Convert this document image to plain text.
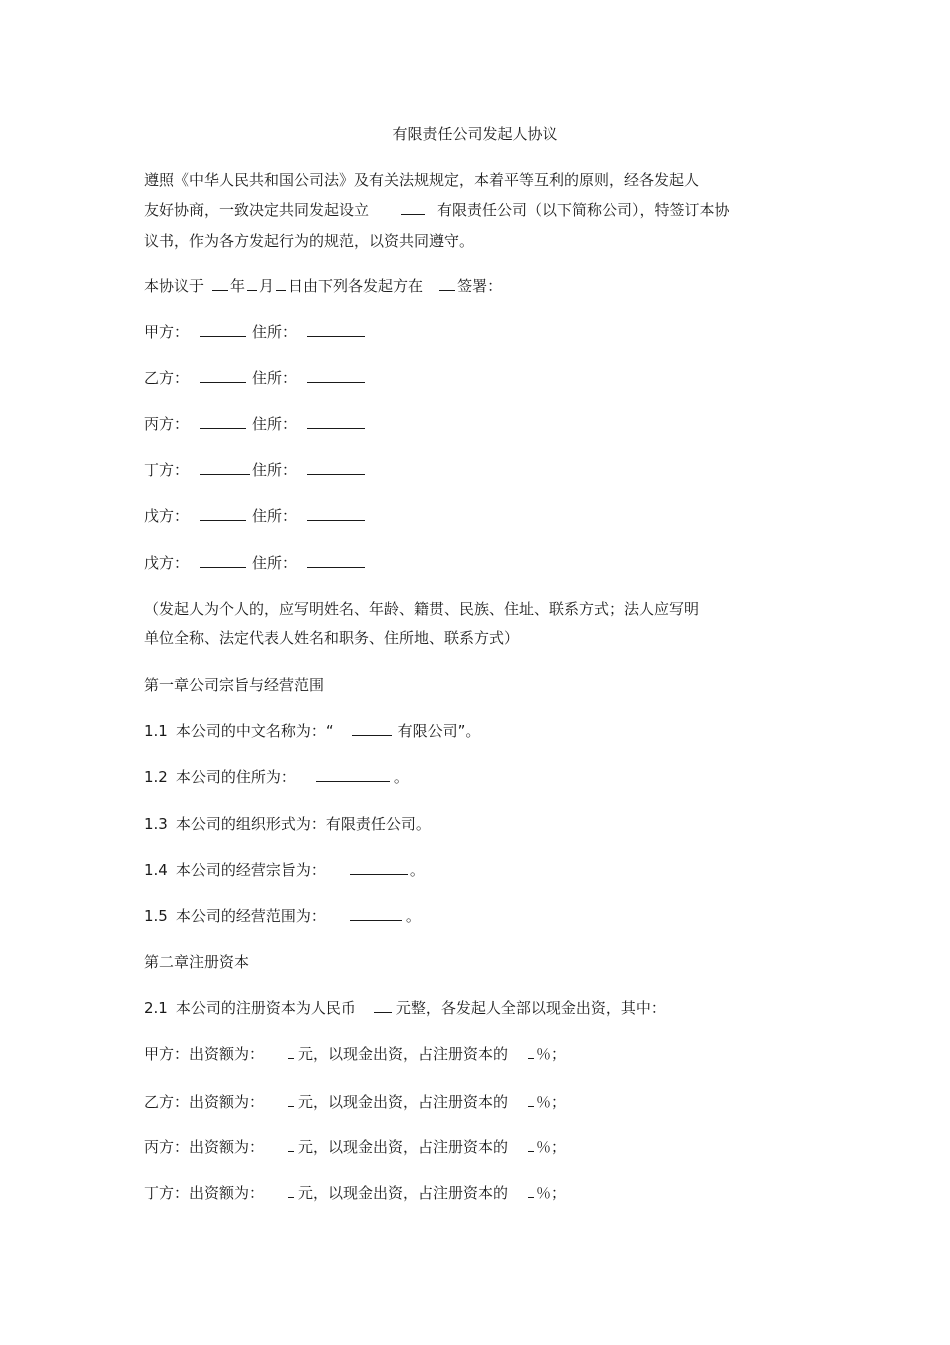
有限责任公司发起人协议
遵照《中华人民共和国公司法》及有关法规规定，本着平等互利的原则，经各发起人
友好协商，一致决定共同发起设立	有限责任公司（以下简称公司），特签订本协
议书，作为各方发起行为的规范，以资共同遵守。
本协议于 年 月 日由下列各发起方在 签署：
甲方：	住所：
乙方：	住所：
丙方：	住所：
丁方：	住所：
戊方：	住所：
戊方：	住所：
（发起人为个人的，应写明姓名、年龄、籍贯、民族、住址、联系方式；法人应写明
单位全称、法定代表人姓名和职务、住所地、联系方式）
第一章公司宗旨与经营范围
1.1 本公司的中文名称为：“	有限公司”。
1.2 本公司的住所为：	。
1.3 本公司的组织形式为：有限责任公司。
1.4 本公司的经营宗旨为：	。
1.5 本公司的经营范围为：	。
第二章注册资本
2.1 本公司的注册资本为人民币	元整，各发起人全部以现金出资，其中：
甲方：出资额为： 元，以现金出资，占注册资本的 ％；
乙方：出资额为： 元，以现金出资，占注册资本的 ％；
丙方：出资额为： 元，以现金出资，占注册资本的 ％；
丁方：出资额为： 元，以现金出资，占注册资本的 ％；
